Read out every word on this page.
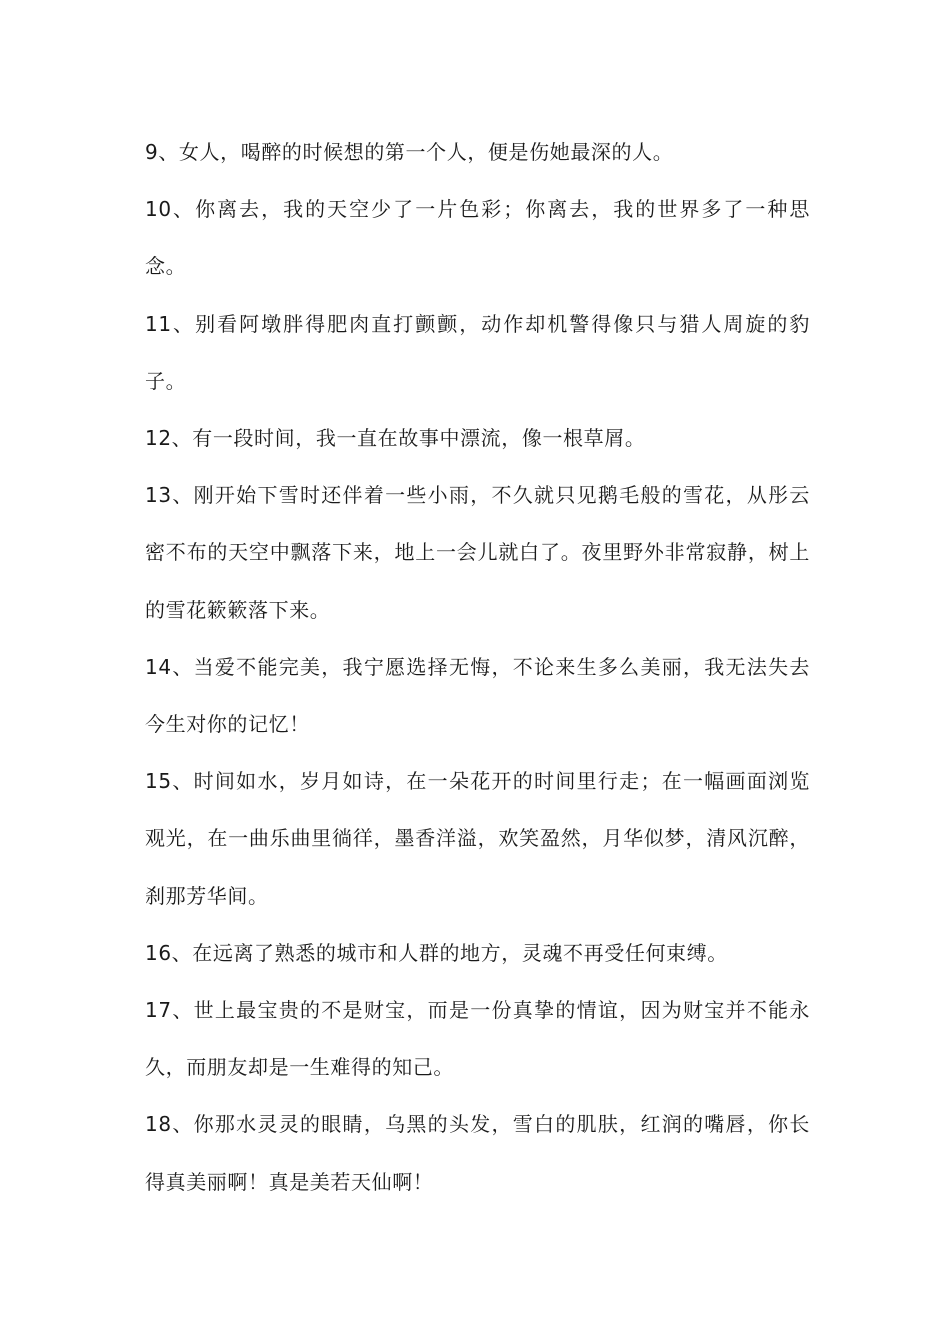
9、女人，喝醉的时候想的第一个人，便是伤她最深的人。

10、你离去，我的天空少了一片色彩；你离去，我的世界多了一种思念。

11、别看阿墩胖得肥肉直打颤颤，动作却机警得像只与猎人周旋的豹子。

12、有一段时间，我一直在故事中漂流，像一根草屑。

13、刚开始下雪时还伴着一些小雨，不久就只见鹅毛般的雪花，从彤云密不布的天空中飘落下来，地上一会儿就白了。夜里野外非常寂静，树上的雪花簌簌落下来。

14、当爱不能完美，我宁愿选择无悔，不论来生多么美丽，我无法失去今生对你的记忆！

15、时间如水，岁月如诗，在一朵花开的时间里行走；在一幅画面浏览观光，在一曲乐曲里徜徉，墨香洋溢，欢笑盈然，月华似梦，清风沉醉，刹那芳华间。

16、在远离了熟悉的城市和人群的地方，灵魂不再受任何束缚。

17、世上最宝贵的不是财宝，而是一份真挚的情谊，因为财宝并不能永久，而朋友却是一生难得的知己。

18、你那水灵灵的眼睛，乌黑的头发，雪白的肌肤，红润的嘴唇，你长得真美丽啊！真是美若天仙啊！
